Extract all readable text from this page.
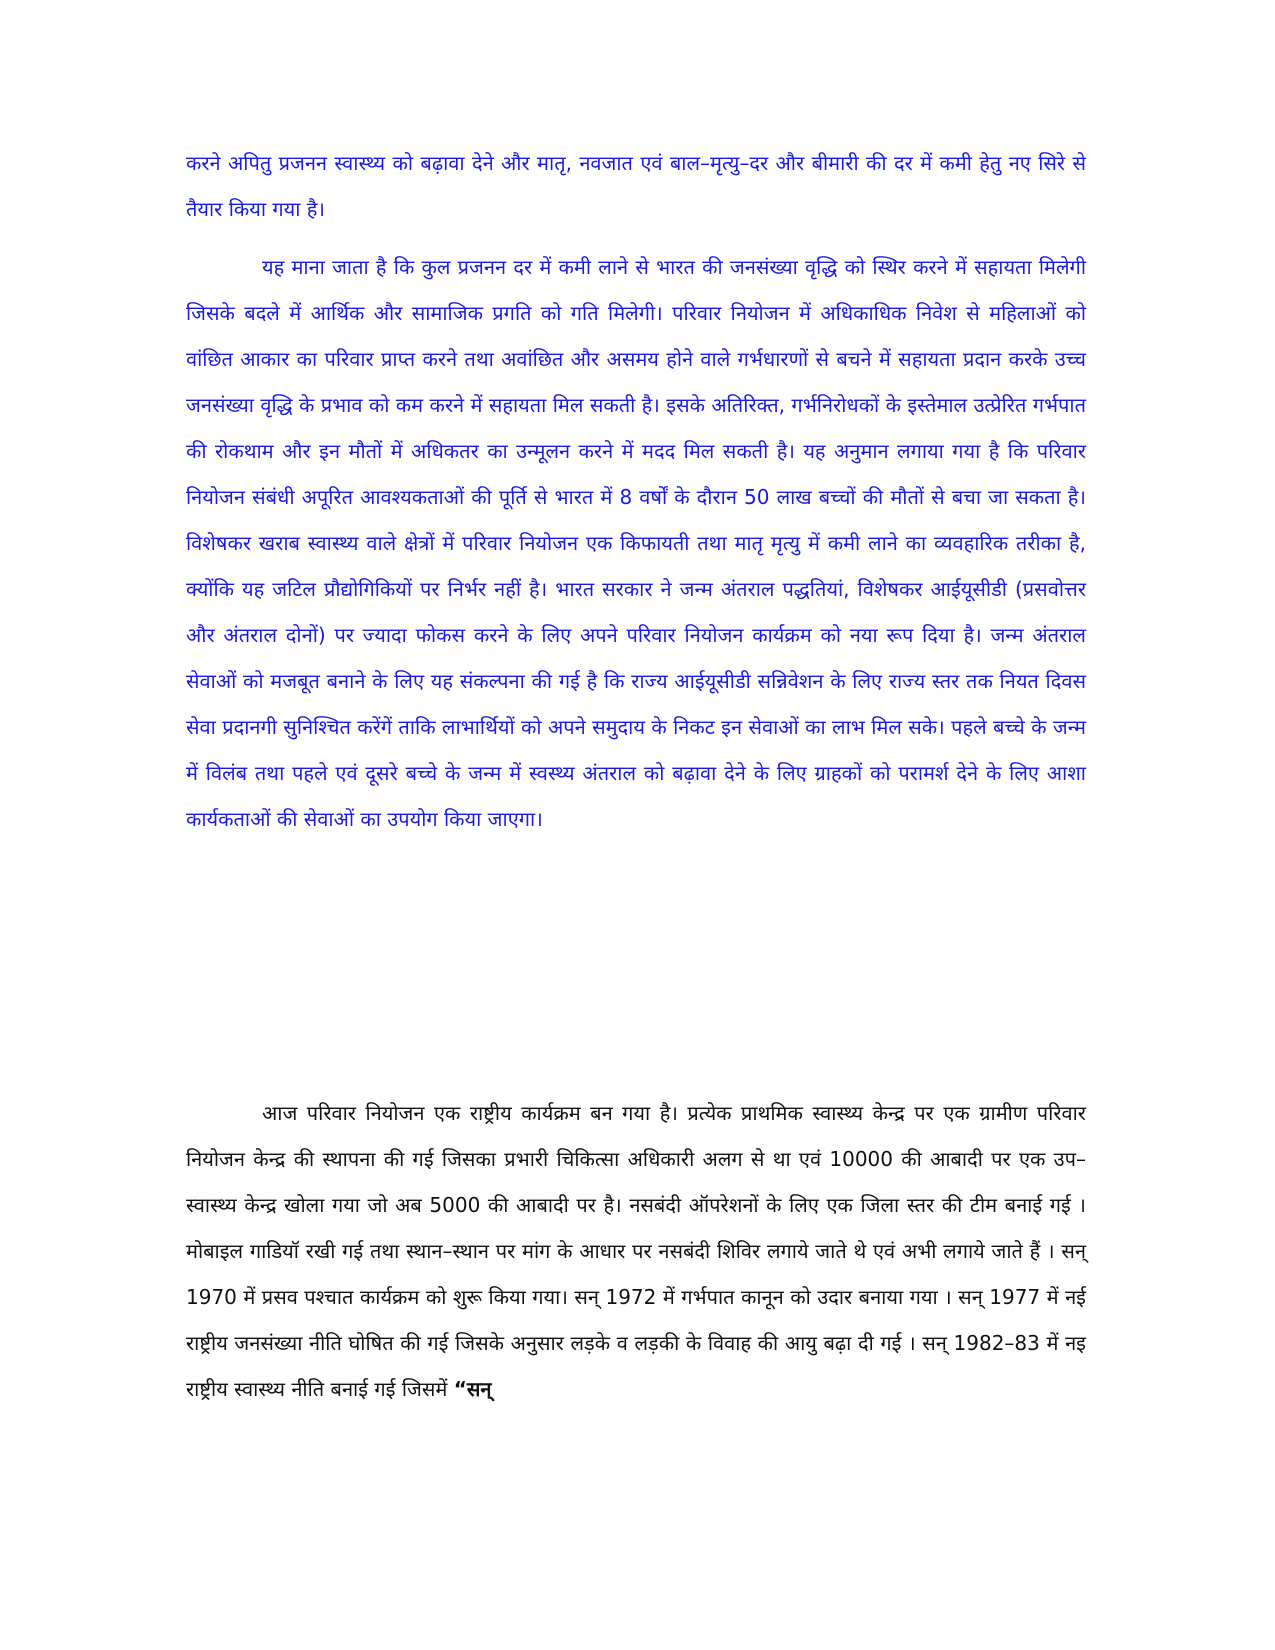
करने अपितु प्रजनन स्वास्थ्य को बढ़ावा देने और मातृ, नवजात एवं बाल–मृत्यु–दर और बीमारी की दर में कमी हेतु नए सिरे से तैयार किया गया है।

यह माना जाता है कि कुल प्रजनन दर में कमी लाने से भारत की जनसंख्या वृद्धि को स्थिर करने में सहायता मिलेगी जिसके बदले में आर्थिक और सामाजिक प्रगति को गति मिलेगी। परिवार नियोजन में अधिकाधिक निवेश से महिलाओं को वांछित आकार का परिवार प्राप्त करने तथा अवांछित और असमय होने वाले गर्भधारणों से बचने में सहायता प्रदान करके उच्च जनसंख्या वृद्धि के प्रभाव को कम करने में सहायता मिल सकती है। इसके अतिरिक्त, गर्भनिरोधकों के इस्तेमाल उत्प्रेरित गर्भपात की रोकथाम और इन मौतों में अधिकतर का उन्मूलन करने में मदद मिल सकती है। यह अनुमान लगाया गया है कि परिवार नियोजन संबंधी अपूरित आवश्यकताओं की पूर्ति से भारत में 8 वर्षों के दौरान 50 लाख बच्चों की मौतों से बचा जा सकता है। विशेषकर खराब स्वास्थ्य वाले क्षेत्रों में परिवार नियोजन एक किफायती तथा मातृ मृत्यु में कमी लाने का व्यवहारिक तरीका है, क्योंकि यह जटिल प्रौद्योगिकियों पर निर्भर नहीं है। भारत सरकार ने जन्म अंतराल पद्धतियां, विशेषकर आईयूसीडी (प्रसवोत्तर और अंतराल दोनों) पर ज्यादा फोकस करने के लिए अपने परिवार नियोजन कार्यक्रम को नया रूप दिया है। जन्म अंतराल सेवाओं को मजबूत बनाने के लिए यह संकल्पना की गई है कि राज्य आईयूसीडी सन्निवेशन के लिए राज्य स्तर तक नियत दिवस सेवा प्रदानगी सुनिश्चित करेंगें ताकि लाभार्थियों को अपने समुदाय के निकट इन सेवाओं का लाभ मिल सके। पहले बच्चे के जन्म में विलंब तथा पहले एवं दूसरे बच्चे के जन्म में स्वस्थ्य अंतराल को बढ़ावा देने के लिए ग्राहकों को परामर्श देने के लिए आशा कार्यकताओं की सेवाओं का उपयोग किया जाएगा।

आज परिवार नियोजन एक राष्ट्रीय कार्यक्रम बन गया है। प्रत्येक प्राथमिक स्वास्थ्य केन्द्र पर एक ग्रामीण परिवार नियोजन केन्द्र की स्थापना की गई जिसका प्रभारी चिकित्सा अधिकारी अलग से था एवं 10000 की आबादी पर एक उप–स्वास्थ्य केन्द्र खोला गया जो अब 5000 की आबादी पर है। नसबंदी ऑपरेशनों के लिए एक जिला स्तर की टीम बनाई गई । मोबाइल गाडियॉ रखी गई तथा स्थान–स्थान पर मांग के आधार पर नसबंदी शिविर लगाये जाते थे एवं अभी लगाये जाते हैं । सन् 1970 में प्रसव पश्चात कार्यक्रम को शुरू किया गया। सन् 1972 में गर्भपात कानून को उदार बनाया गया । सन् 1977 में नई राष्ट्रीय जनसंख्या नीति घोषित की गई जिसके अनुसार लड़के व लड़की के विवाह की आयु बढ़ा दी गई । सन् 1982–83 में नइ राष्ट्रीय स्वास्थ्य नीति बनाई गई जिसमें “सन्
